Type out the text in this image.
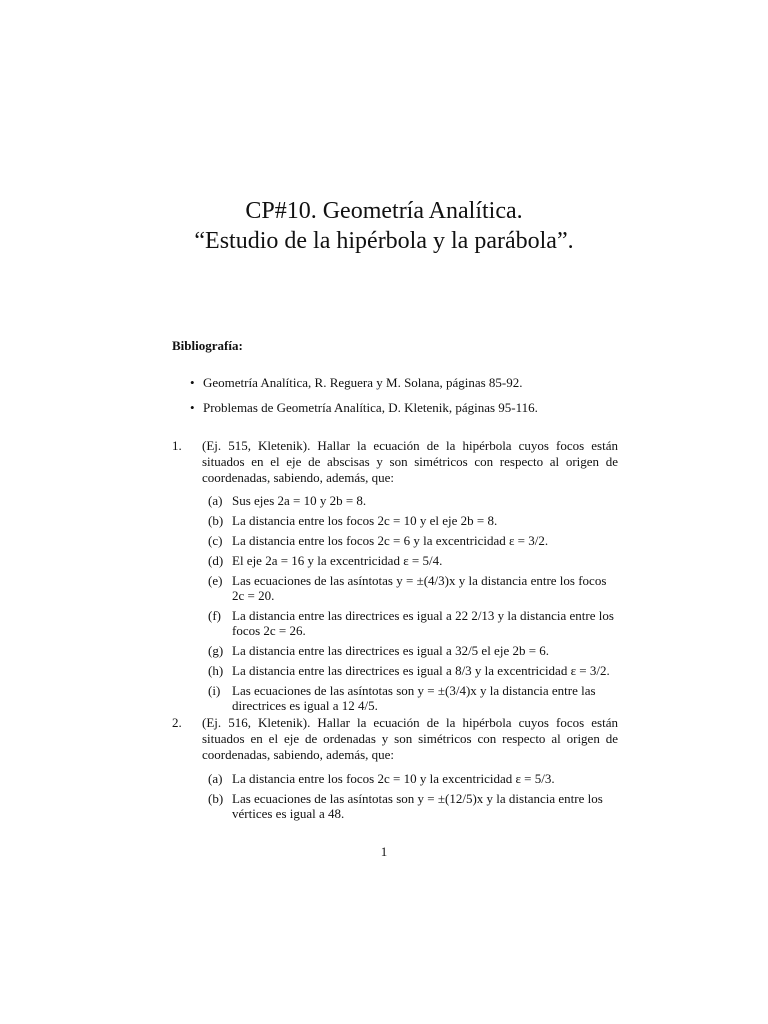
CP#10. Geometría Analítica.
“Estudio de la hipérbola y la parábola”.
Bibliografía:
• Geometría Analítica, R. Reguera y M. Solana, páginas 85-92.
• Problemas de Geometría Analítica, D. Kletenik, páginas 95-116.
1. (Ej. 515, Kletenik). Hallar la ecuación de la hipérbola cuyos focos están situados en el eje de abscisas y son simétricos con respecto al origen de coordenadas, sabiendo, además, que:
(a) Sus ejes 2a = 10 y 2b = 8.
(b) La distancia entre los focos 2c = 10 y el eje 2b = 8.
(c) La distancia entre los focos 2c = 6 y la excentricidad ε = 3/2.
(d) El eje 2a = 16 y la excentricidad ε = 5/4.
(e) Las ecuaciones de las asíntotas y = ±(4/3)x y la distancia entre los focos 2c = 20.
(f) La distancia entre las directrices es igual a 22 2/13 y la distancia entre los focos 2c = 26.
(g) La distancia entre las directrices es igual a 32/5 el eje 2b = 6.
(h) La distancia entre las directrices es igual a 8/3 y la excentricidad ε = 3/2.
(i) Las ecuaciones de las asíntotas son y = ±(3/4)x y la distancia entre las directrices es igual a 12 4/5.
2. (Ej. 516, Kletenik). Hallar la ecuación de la hipérbola cuyos focos están situados en el eje de ordenadas y son simétricos con respecto al origen de coordenadas, sabiendo, además, que:
(a) La distancia entre los focos 2c = 10 y la excentricidad ε = 5/3.
(b) Las ecuaciones de las asíntotas son y = ±(12/5)x y la distancia entre los vértices es igual a 48.
1
